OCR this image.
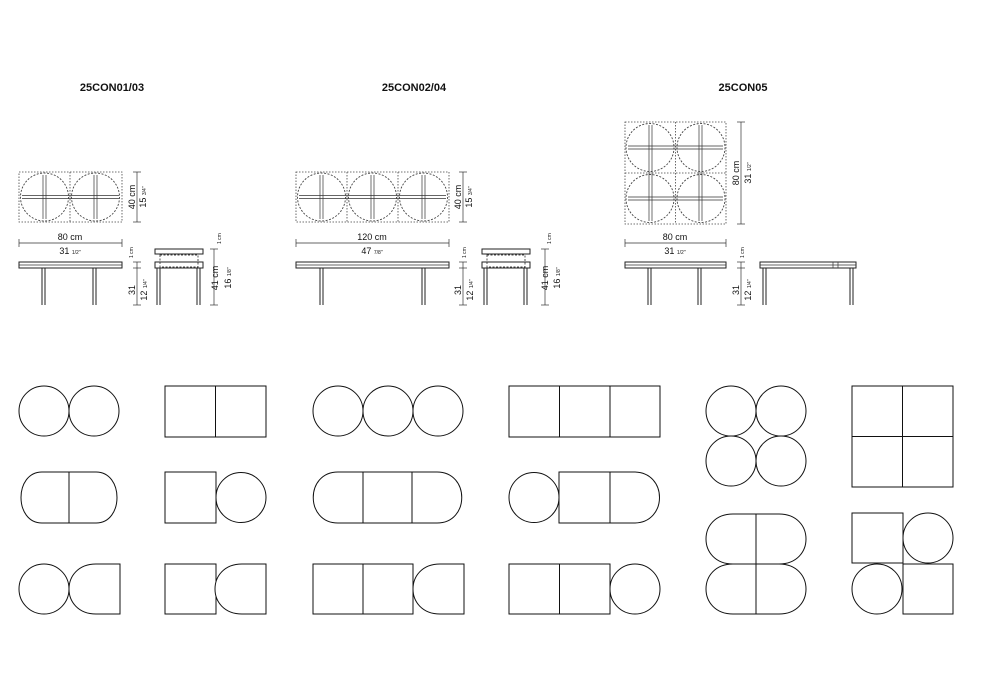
25CON01/03	25CON02/04	25CON05
40 cm 15 3/4"
80 cm
31 1/2"	1 cm
31 12 1/4"
1 cm
41 cm 16 1/8"
40 cm 15 3/4"
120 cm
47 7/8"	1 cm
31 12 1/4"
1 cm
41 cm 16 1/8"
80 cm 31 1/2"
80 cm
31 1/2"	1 cm
31 12 1/4"
